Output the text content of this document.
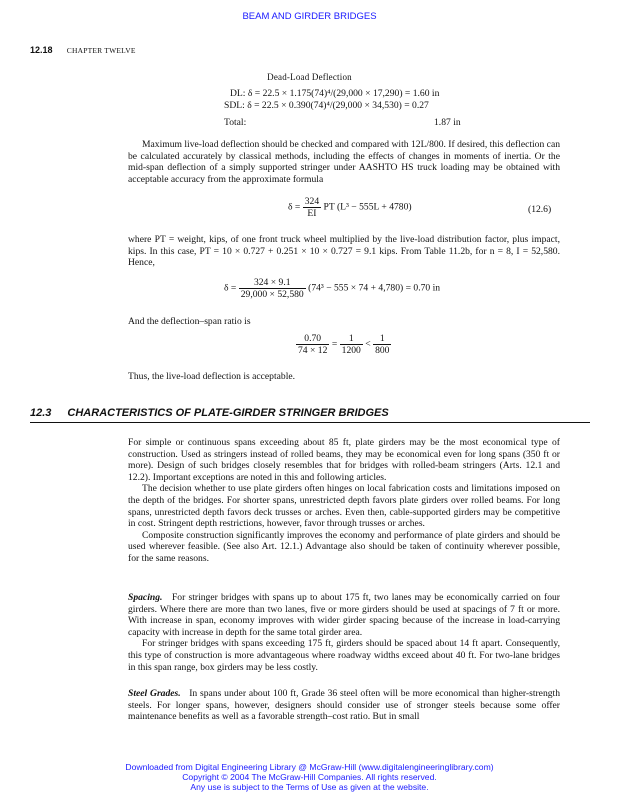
BEAM AND GIRDER BRIDGES
12.18 CHAPTER TWELVE
Dead-Load Deflection
DL: δ = 22.5 × 1.175(74)⁴/(29,000 × 17,290) = 1.60 in
SDL: δ = 22.5 × 0.390(74)⁴/(29,000 × 34,530) = 0.27
Total:	1.87 in

Maximum live-load deflection should be checked and compared with 12L/800. If desired, this deflection can be calculated accurately by classical methods, including the effects of changes in moments of inertia. Or the mid-span deflection of a simply supported stringer under AASHTO HS truck loading may be obtained with acceptable accuracy from the approximate formula

$\delta = \frac{324}{EI}$ PT (L³ − 555L + 4780)	(12.6)

where PT = weight, kips, of one front truck wheel multiplied by the live-load distribution factor, plus impact, kips. In this case, PT = 10 × 0.727 + 0.251 × 10 × 0.727 = 9.1 kips. From Table 11.2b, for n = 8, I = 52,580. Hence,

$\delta = \frac{324 \times 9.1}{29,000 \times 52,580} (74^3 - 555 \times 74 + 4,780) = 0.70$ in

And the deflection–span ratio is

$\frac{0.70}{74 \times 12} = \frac{1}{1200} < \frac{1}{800}$

Thus, the live-load deflection is acceptable.

12.3 CHARACTERISTICS OF PLATE-GIRDER STRINGER BRIDGES

For simple or continuous spans exceeding about 85 ft, plate girders may be the most economical type of construction. Used as stringers instead of rolled beams, they may be economical even for long spans (350 ft or more). Design of such bridges closely resembles that for bridges with rolled-beam stringers (Arts. 12.1 and 12.2). Important exceptions are noted in this and following articles.

The decision whether to use plate girders often hinges on local fabrication costs and limitations imposed on the depth of the bridges. For shorter spans, unrestricted depth favors plate girders over rolled beams. For long spans, unrestricted depth favors deck trusses or arches. Even then, cable-supported girders may be competitive in cost. Stringent depth restrictions, however, favor through trusses or arches.

Composite construction significantly improves the economy and performance of plate girders and should be used wherever feasible. (See also Art. 12.1.) Advantage also should be taken of continuity wherever possible, for the same reasons.

Spacing. For stringer bridges with spans up to about 175 ft, two lanes may be economically carried on four girders. Where there are more than two lanes, five or more girders should be used at spacings of 7 ft or more. With increase in span, economy improves with wider girder spacing because of the increase in load-carrying capacity with increase in depth for the same total girder area.

For stringer bridges with spans exceeding 175 ft, girders should be spaced about 14 ft apart. Consequently, this type of construction is more advantageous where roadway widths exceed about 40 ft. For two-lane bridges in this span range, box girders may be less costly.

Steel Grades. In spans under about 100 ft, Grade 36 steel often will be more economical than higher-strength steels. For longer spans, however, designers should consider use of stronger steels because some offer maintenance benefits as well as a favorable strength–cost ratio. But in small

Downloaded from Digital Engineering Library @ McGraw-Hill (www.digitalengineeringlibrary.com)
Copyright © 2004 The McGraw-Hill Companies. All rights reserved.
Any use is subject to the Terms of Use as given at the website.
